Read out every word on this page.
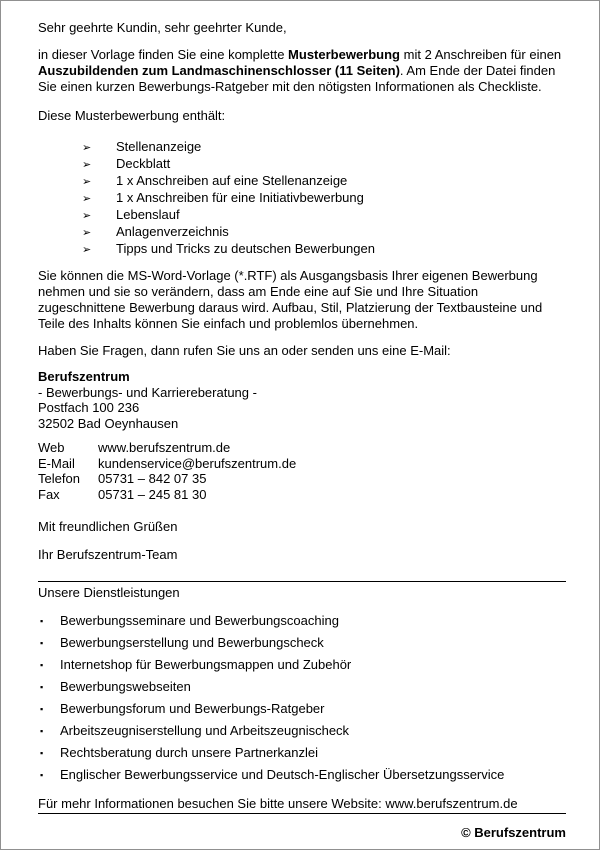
Sehr geehrte Kundin, sehr geehrter Kunde,

in dieser Vorlage finden Sie eine komplette Musterbewerbung mit 2 Anschreiben für einen Auszubildenden zum Landmaschinenschlosser (11 Seiten). Am Ende der Datei finden Sie einen kurzen Bewerbungs-Ratgeber mit den nötigsten Informationen als Checkliste.

Diese Musterbewerbung enthält:

➢ Stellenanzeige
➢ Deckblatt
➢ 1 x Anschreiben auf eine Stellenanzeige
➢ 1 x Anschreiben für eine Initiativbewerbung
➢ Lebenslauf
➢ Anlagenverzeichnis
➢ Tipps und Tricks zu deutschen Bewerbungen

Sie können die MS-Word-Vorlage (*.RTF) als Ausgangsbasis Ihrer eigenen Bewerbung nehmen und sie so verändern, dass am Ende eine auf Sie und Ihre Situation zugeschnittene Bewerbung daraus wird. Aufbau, Stil, Platzierung der Textbausteine und Teile des Inhalts können Sie einfach und problemlos übernehmen.

Haben Sie Fragen, dann rufen Sie uns an oder senden uns eine E-Mail:

Berufszentrum
- Bewerbungs- und Karriereberatung -
Postfach 100 236
32502 Bad Oeynhausen
Web	www.berufszentrum.de
E-Mail	kundenservice@berufszentrum.de
Telefon	05731 – 842 07 35
Fax	05731 – 245 81 30

Mit freundlichen Grüßen

Ihr Berufszentrum-Team

Unsere Dienstleistungen

▪ Bewerbungsseminare und Bewerbungscoaching
▪ Bewerbungserstellung und Bewerbungscheck
▪ Internetshop für Bewerbungsmappen und Zubehör
▪ Bewerbungswebseiten
▪ Bewerbungsforum und Bewerbungs-Ratgeber
▪ Arbeitszeugniserstellung und Arbeitszeugnischeck
▪ Rechtsberatung durch unsere Partnerkanzlei
▪ Englischer Bewerbungsservice und Deutsch-Englischer Übersetzungsservice

Für mehr Informationen besuchen Sie bitte unsere Website: www.berufszentrum.de

© Berufszentrum
